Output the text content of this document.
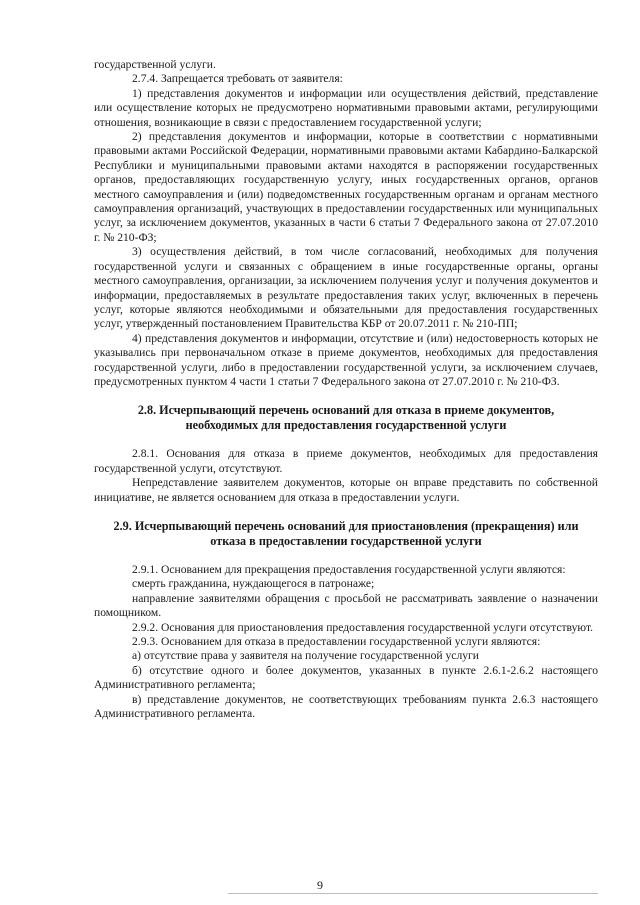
государственной услуги.

2.7.4. Запрещается требовать от заявителя:

1) представления документов и информации или осуществления действий, представление или осуществление которых не предусмотрено нормативными правовыми актами, регулирующими отношения, возникающие в связи с предоставлением государственной услуги;

2) представления документов и информации, которые в соответствии с нормативными правовыми актами Российской Федерации, нормативными правовыми актами Кабардино-Балкарской Республики и муниципальными правовыми актами находятся в распоряжении государственных органов, предоставляющих государственную услугу, иных государственных органов, органов местного самоуправления и (или) подведомственных государственным органам и органам местного самоуправления организаций, участвующих в предоставлении государственных или муниципальных услуг, за исключением документов, указанных в части 6 статьи 7 Федерального закона от 27.07.2010 г. № 210-ФЗ;

3) осуществления действий, в том числе согласований, необходимых для получения государственной услуги и связанных с обращением в иные государственные органы, органы местного самоуправления, организации, за исключением получения услуг и получения документов и информации, предоставляемых в результате предоставления таких услуг, включенных в перечень услуг, которые являются необходимыми и обязательными для предоставления государственных услуг, утвержденный постановлением Правительства КБР от 20.07.2011 г. № 210-ПП;

4) представления документов и информации, отсутствие и (или) недостоверность которых не указывались при первоначальном отказе в приеме документов, необходимых для предоставления государственной услуги, либо в предоставлении государственной услуги, за исключением случаев, предусмотренных пунктом 4 части 1 статьи 7 Федерального закона от 27.07.2010 г. № 210-ФЗ.

2.8. Исчерпывающий перечень оснований для отказа в приеме документов,
необходимых для предоставления государственной услуги

2.8.1. Основания для отказа в приеме документов, необходимых для предоставления государственной услуги, отсутствуют.

Непредставление заявителем документов, которые он вправе представить по собственной инициативе, не является основанием для отказа в предоставлении услуги.

2.9. Исчерпывающий перечень оснований для приостановления (прекращения) или
отказа в предоставлении государственной услуги

2.9.1. Основанием для прекращения предоставления государственной услуги являются:

смерть гражданина, нуждающегося в патронаже;

направление заявителями обращения с просьбой не рассматривать заявление о назначении помощником.

2.9.2. Основания для приостановления предоставления государственной услуги отсутствуют.

2.9.3. Основанием для отказа в предоставлении государственной услуги являются:

а) отсутствие права у заявителя на получение государственной услуги

б) отсутствие одного и более документов, указанных в пункте 2.6.1-2.6.2 настоящего Административного регламента;

в) представление документов, не соответствующих требованиям пункта 2.6.3 настоящего Административного регламента.

9
